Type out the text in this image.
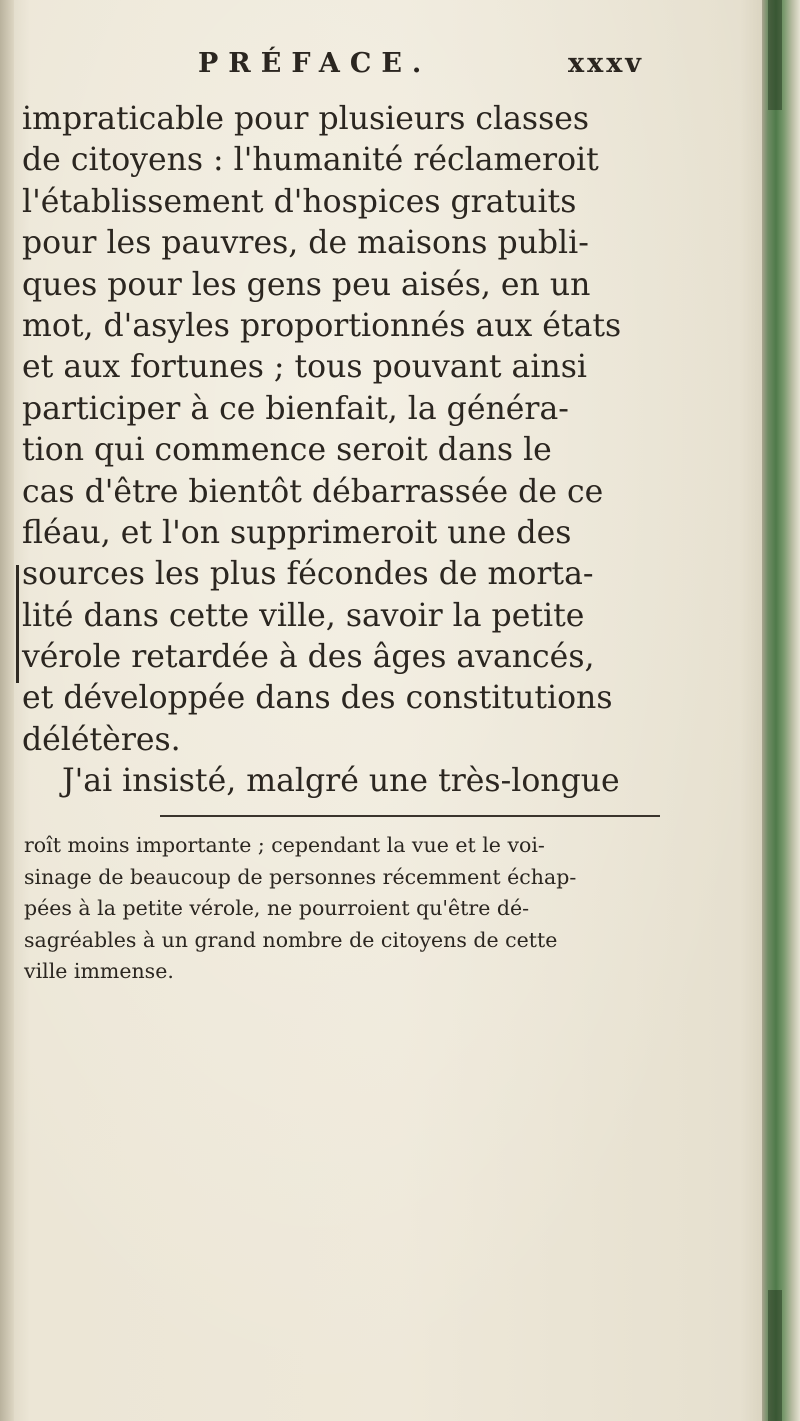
PRÉFACE.	xxxv
impraticable pour plusieurs classes
de citoyens : l'humanité réclameroit
l'établissement d'hospices gratuits
pour les pauvres, de maisons publi-
ques pour les gens peu aisés, en un
mot, d'asyles proportionnés aux états
et aux fortunes ; tous pouvant ainsi
participer à ce bienfait, la généra-
tion qui commence seroit dans le
cas d'être bientôt débarrassée de ce
fléau, et l'on supprimeroit une des
sources les plus fécondes de morta-
lité dans cette ville, savoir la petite
vérole retardée à des âges avancés,
et développée dans des constitutions
délétères.
J'ai insisté, malgré une très-longue
roît moins importante ; cependant la vue et le voi-
sinage de beaucoup de personnes récemment échap-
pées à la petite vérole, ne pourroient qu'être dé-
sagréables à un grand nombre de citoyens de cette
ville immense.
